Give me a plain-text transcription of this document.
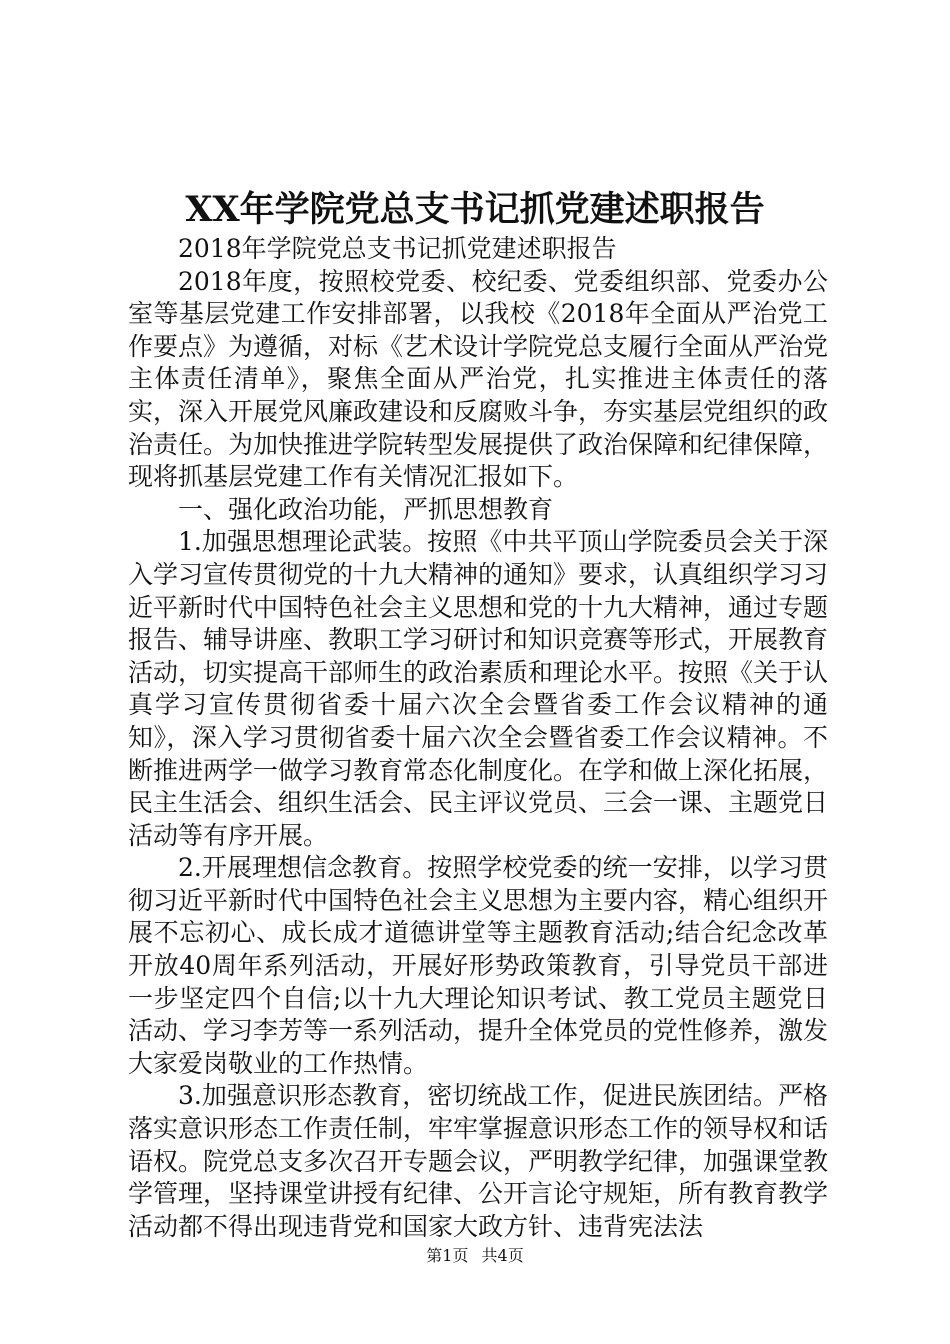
XX年学院党总支书记抓党建述职报告

2018年学院党总支书记抓党建述职报告

2018年度，按照校党委、校纪委、党委组织部、党委办公室等基层党建工作安排部署，以我校《2018年全面从严治党工作要点》为遵循，对标《艺术设计学院党总支履行全面从严治党主体责任清单》，聚焦全面从严治党，扎实推进主体责任的落实，深入开展党风廉政建设和反腐败斗争，夯实基层党组织的政治责任。为加快推进学院转型发展提供了政治保障和纪律保障，现将抓基层党建工作有关情况汇报如下。

一、强化政治功能，严抓思想教育

1.加强思想理论武装。按照《中共平顶山学院委员会关于深入学习宣传贯彻党的十九大精神的通知》要求，认真组织学习习近平新时代中国特色社会主义思想和党的十九大精神，通过专题报告、辅导讲座、教职工学习研讨和知识竞赛等形式，开展教育活动，切实提高干部师生的政治素质和理论水平。按照《关于认真学习宣传贯彻省委十届六次全会暨省委工作会议精神的通知》，深入学习贯彻省委十届六次全会暨省委工作会议精神。不断推进两学一做学习教育常态化制度化。在学和做上深化拓展，民主生活会、组织生活会、民主评议党员、三会一课、主题党日活动等有序开展。

2.开展理想信念教育。按照学校党委的统一安排，以学习贯彻习近平新时代中国特色社会主义思想为主要内容，精心组织开展不忘初心、成长成才道德讲堂等主题教育活动;结合纪念改革开放40周年系列活动，开展好形势政策教育，引导党员干部进一步坚定四个自信;以十九大理论知识考试、教工党员主题党日活动、学习李芳等一系列活动，提升全体党员的党性修养，激发大家爱岗敬业的工作热情。

3.加强意识形态教育，密切统战工作，促进民族团结。严格落实意识形态工作责任制，牢牢掌握意识形态工作的领导权和话语权。院党总支多次召开专题会议，严明教学纪律，加强课堂教学管理，坚持课堂讲授有纪律、公开言论守规矩，所有教育教学活动都不得出现违背党和国家大政方针、违背宪法法

第1页 共4页
